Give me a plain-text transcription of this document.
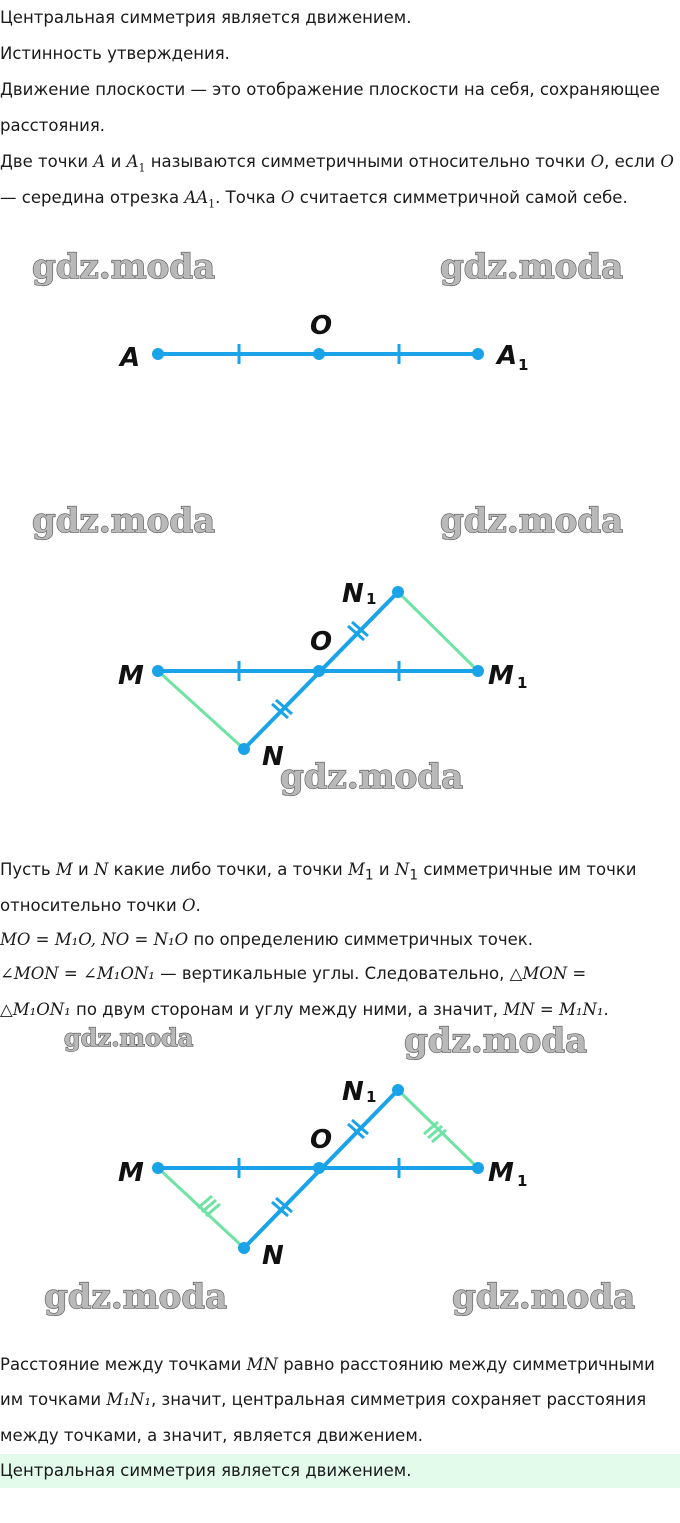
Центральная симметрия является движением.
Истинность утверждения.
Движение плоскости — это отображение плоскости на себя, сохраняющее
расстояния.
Две точки A и $A_1$ называются симметричными относительно точки O, если O
— середина отрезка $AA_1$. Точка O считается симметричной самой себе.
gdz.moda	gdz.moda
A
O
A 1
gdz.moda	gdz.moda
M
O
M 1
N 1
N
gdz.moda
Пусть M и N какие либо точки, а точки $M_1$ и $N_1$ симметричные им точки
относительно точки O.
MO = M₁O, NO = N₁O по определению симметричных точек.
∠MON = ∠M₁ON₁ — вертикальные углы. Следовательно, △MON =
△M₁ON₁ по двум сторонам и углу между ними, а значит, MN = M₁N₁.
gdz.moda	gdz.moda
M
O
M 1
N 1
N
gdz.moda	gdz.moda
Расстояние между точками MN равно расстоянию между симметричными
им точками M₁N₁, значит, центральная симметрия сохраняет расстояния
между точками, а значит, является движением.
Центральная симметрия является движением.
